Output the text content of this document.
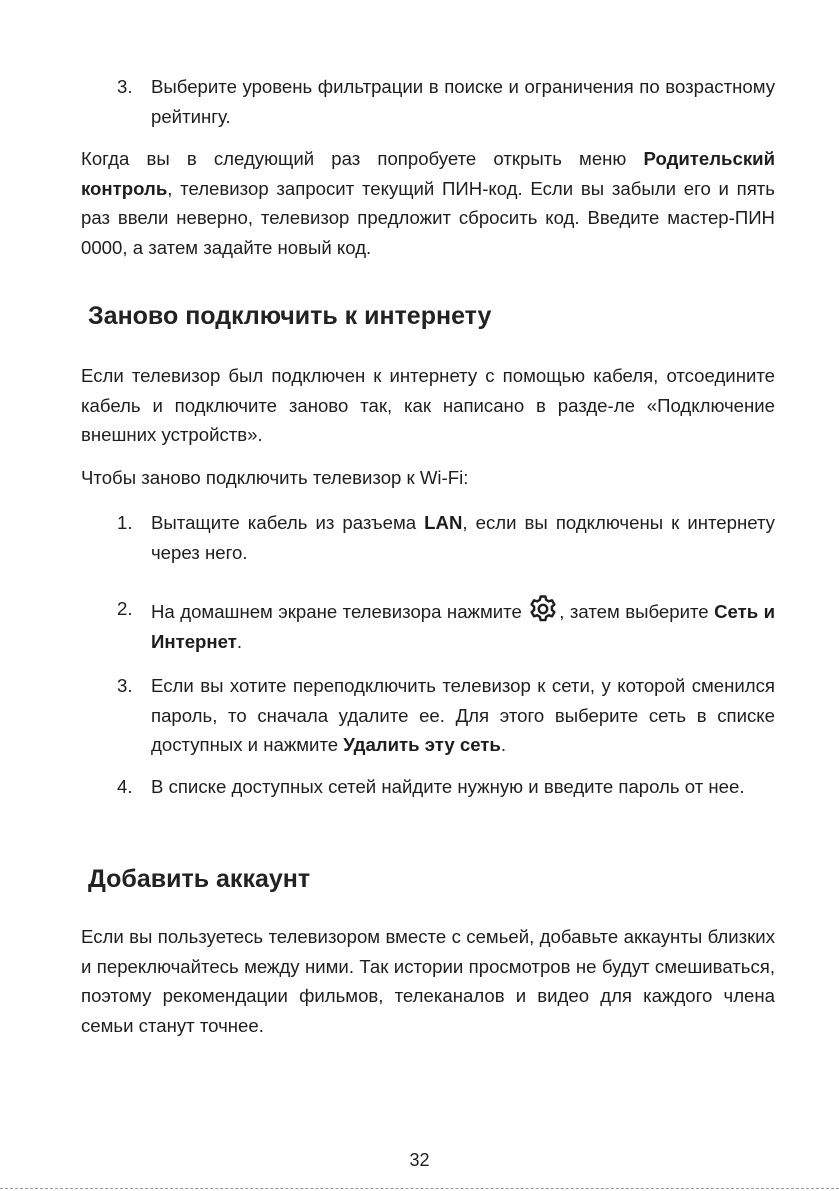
3. Выберите уровень фильтрации в поиске и ограничения по возрастному рейтингу.

Когда вы в следующий раз попробуете открыть меню Родительский контроль, телевизор запросит текущий ПИН-код. Если вы забыли его и пять раз ввели неверно, телевизор предложит сбросить код. Введите мастер-ПИН 0000, а затем задайте новый код.

Заново подключить к интернету

Если телевизор был подключен к интернету с помощью кабеля, отсоедините кабель и подключите заново так, как написано в разде-ле «Подключение внешних устройств».

Чтобы заново подключить телевизор к Wi-Fi:

1. Вытащите кабель из разъема LAN, если вы подключены к интернету через него.

2. На домашнем экране телевизора нажмите , затем выберите Сеть и Интернет.

3. Если вы хотите переподключить телевизор к сети, у которой сменился пароль, то сначала удалите ее. Для этого выберите сеть в списке доступных и нажмите Удалить эту сеть.

4. В списке доступных сетей найдите нужную и введите пароль от нее.

Добавить аккаунт

Если вы пользуетесь телевизором вместе с семьей, добавьте аккаунты близких и переключайтесь между ними. Так истории просмотров не будут смешиваться, поэтому рекомендации фильмов, телеканалов и видео для каждого члена семьи станут точнее.

32
